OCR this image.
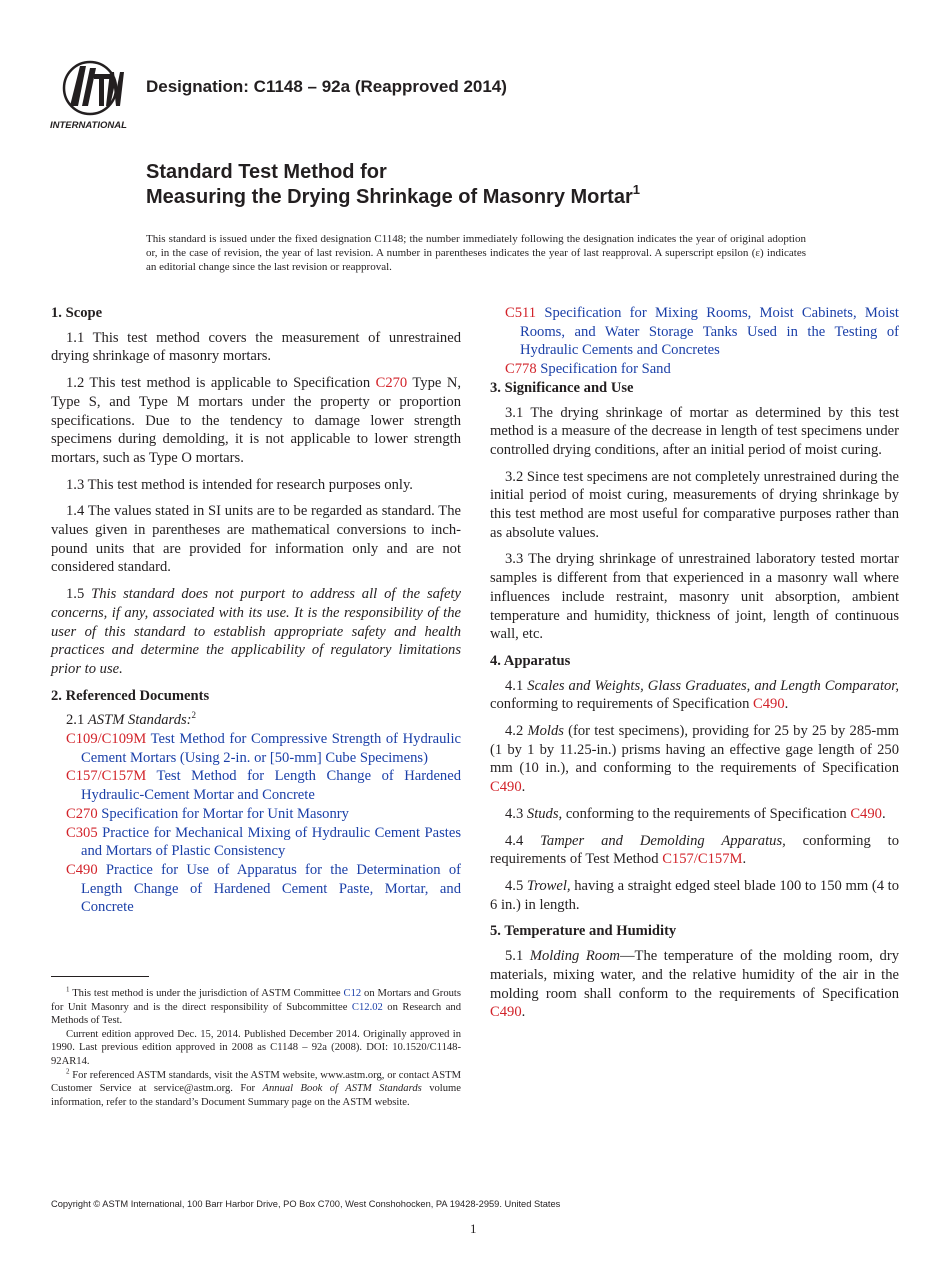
INTERNATIONAL
Designation: C1148 – 92a (Reapproved 2014)
Standard Test Method for
Measuring the Drying Shrinkage of Masonry Mortar$^1$
This standard is issued under the fixed designation C1148; the number immediately following the designation indicates the year of original adoption or, in the case of revision, the year of last revision. A number in parentheses indicates the year of last reapproval. A superscript epsilon (ε) indicates an editorial change since the last revision or reapproval.
1. Scope

1.1 This test method covers the measurement of unrestrained drying shrinkage of masonry mortars.

1.2 This test method is applicable to Specification C270 Type N, Type S, and Type M mortars under the property or proportion specifications. Due to the tendency to damage lower strength specimens during demolding, it is not applicable to lower strength mortars, such as Type O mortars.

1.3 This test method is intended for research purposes only.

1.4 The values stated in SI units are to be regarded as standard. The values given in parentheses are mathematical conversions to inch-pound units that are provided for information only and are not considered standard.

1.5 This standard does not purport to address all of the safety concerns, if any, associated with its use. It is the responsibility of the user of this standard to establish appropriate safety and health practices and determine the applicability of regulatory limitations prior to use.

2. Referenced Documents

2.1 ASTM Standards:$^2$

C109/C109M Test Method for Compressive Strength of Hydraulic Cement Mortars (Using 2-in. or [50-mm] Cube Specimens)
C157/C157M Test Method for Length Change of Hardened Hydraulic-Cement Mortar and Concrete
C270 Specification for Mortar for Unit Masonry
C305 Practice for Mechanical Mixing of Hydraulic Cement Pastes and Mortars of Plastic Consistency
C490 Practice for Use of Apparatus for the Determination of Length Change of Hardened Cement Paste, Mortar, and Concrete
C511 Specification for Mixing Rooms, Moist Cabinets, Moist Rooms, and Water Storage Tanks Used in the Testing of Hydraulic Cements and Concretes
C778 Specification for Sand
3. Significance and Use

3.1 The drying shrinkage of mortar as determined by this test method is a measure of the decrease in length of test specimens under controlled drying conditions, after an initial period of moist curing.

3.2 Since test specimens are not completely unrestrained during the initial period of moist curing, measurements of drying shrinkage by this test method are most useful for comparative purposes rather than as absolute values.

3.3 The drying shrinkage of unrestrained laboratory tested mortar samples is different from that experienced in a masonry wall where influences include restraint, masonry unit absorption, ambient temperature and humidity, thickness of joint, length of continuous wall, etc.

4. Apparatus

4.1 Scales and Weights, Glass Graduates, and Length Comparator, conforming to requirements of Specification C490.

4.2 Molds (for test specimens), providing for 25 by 25 by 285-mm (1 by 1 by 11.25-in.) prisms having an effective gage length of 250 mm (10 in.), and conforming to the requirements of Specification C490.

4.3 Studs, conforming to the requirements of Specification C490.

4.4 Tamper and Demolding Apparatus, conforming to requirements of Test Method C157/C157M.

4.5 Trowel, having a straight edged steel blade 100 to 150 mm (4 to 6 in.) in length.

5. Temperature and Humidity

5.1 Molding Room—The temperature of the molding room, dry materials, mixing water, and the relative humidity of the air in the molding room shall conform to the requirements of Specification C490.

$^1$ This test method is under the jurisdiction of ASTM Committee C12 on Mortars and Grouts for Unit Masonry and is the direct responsibility of Subcommittee C12.02 on Research and Methods of Test.

Current edition approved Dec. 15, 2014. Published December 2014. Originally approved in 1990. Last previous edition approved in 2008 as C1148 – 92a (2008). DOI: 10.1520/C1148-92AR14.

$^2$ For referenced ASTM standards, visit the ASTM website, www.astm.org, or contact ASTM Customer Service at service@astm.org. For Annual Book of ASTM Standards volume information, refer to the standard’s Document Summary page on the ASTM website.

Copyright © ASTM International, 100 Barr Harbor Drive, PO Box C700, West Conshohocken, PA 19428-2959. United States
1
